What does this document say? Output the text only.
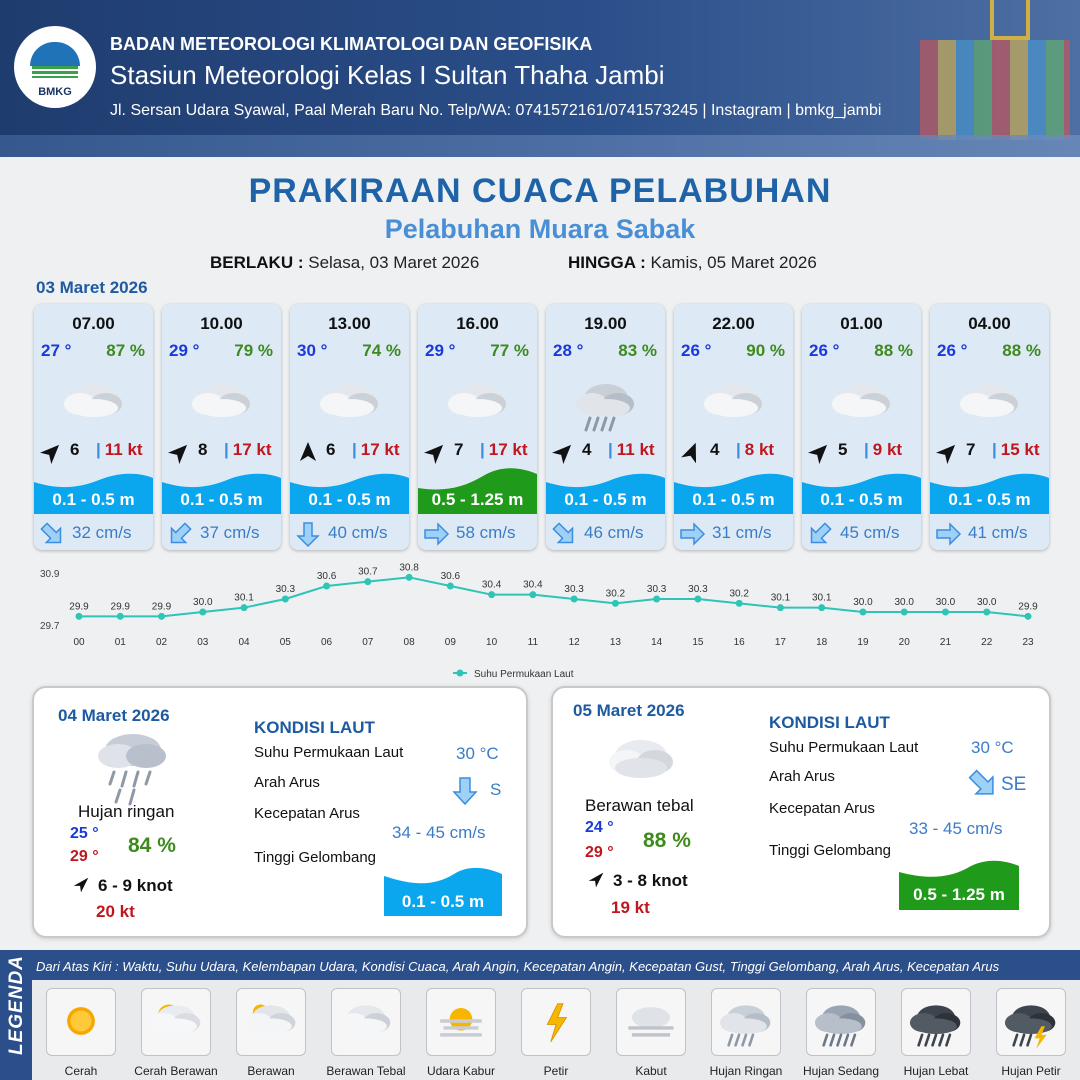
BMKG
BADAN METEOROLOGI KLIMATOLOGI DAN GEOFISIKA
Stasiun Meteorologi Kelas I Sultan Thaha Jambi
Jl. Sersan Udara Syawal, Paal Merah Baru No. Telp/WA: 0741572161/0741573245 | Instagram | bmkg_jambi
PRAKIRAAN CUACA PELABUHAN
Pelabuhan Muara Sabak
BERLAKU : Selasa, 03 Maret 2026	HINGGA : Kamis, 05 Maret 2026
03 Maret 2026
07.00
27 ° 87 %
6 | 11 kt
0.1 - 0.5 m
32 cm/s
10.00
29 ° 79 %
8 | 17 kt
0.1 - 0.5 m
37 cm/s
13.00
30 ° 74 %
6 | 17 kt
0.1 - 0.5 m
40 cm/s
16.00
29 ° 77 %
7 | 17 kt
0.5 - 1.25 m
58 cm/s
19.00
28 ° 83 %
4 | 11 kt
0.1 - 0.5 m
46 cm/s
22.00
26 ° 90 %
4 | 8 kt
0.1 - 0.5 m
31 cm/s
01.00
26 ° 88 %
5 | 9 kt
0.1 - 0.5 m
45 cm/s
04.00
26 ° 88 %
7 | 15 kt
0.1 - 0.5 m
41 cm/s
30.9
29.7
29.9
00
29.9
01
29.9
02
30.0
03
30.1
04
30.3
05
30.6
06
30.7
07
30.8
08
30.6
09
30.4
10
30.4
11
30.3
12
30.2
13
30.3
14
30.3
15
30.2
16
30.1
17
30.1
18
30.0
19
30.0
20
30.0
21
30.0
22
29.9
23
Suhu Permukaan Laut
04 Maret 2026
Hujan ringan
25 °
29 ° 84 %
6 - 9 knot
20 kt
KONDISI LAUT
Suhu Permukaan Laut	30 °C
Arah Arus	S
Kecepatan Arus
34 - 45 cm/s
Tinggi Gelombang
0.1 - 0.5 m
05 Maret 2026
Berawan tebal
24 °
29 °
88 %
3 - 8 knot
19 kt
KONDISI LAUT
Suhu Permukaan Laut	30 °C
Arah Arus	SE
Kecepatan Arus
33 - 45 cm/s
Tinggi Gelombang
0.5 - 1.25 m
LEGENDA Dari Atas Kiri : Waktu, Suhu Udara, Kelembapan Udara, Kondisi Cuaca, Arah Angin, Kecepatan Angin, Kecepatan Gust, Tinggi Gelombang, Arah Arus, Kecepatan Arus
Cerah	Cerah Berawan	Berawan	Berawan Tebal	Udara Kabur	Petir	Kabut	Hujan Ringan	Hujan Sedang	Hujan Lebat	Hujan Petir
